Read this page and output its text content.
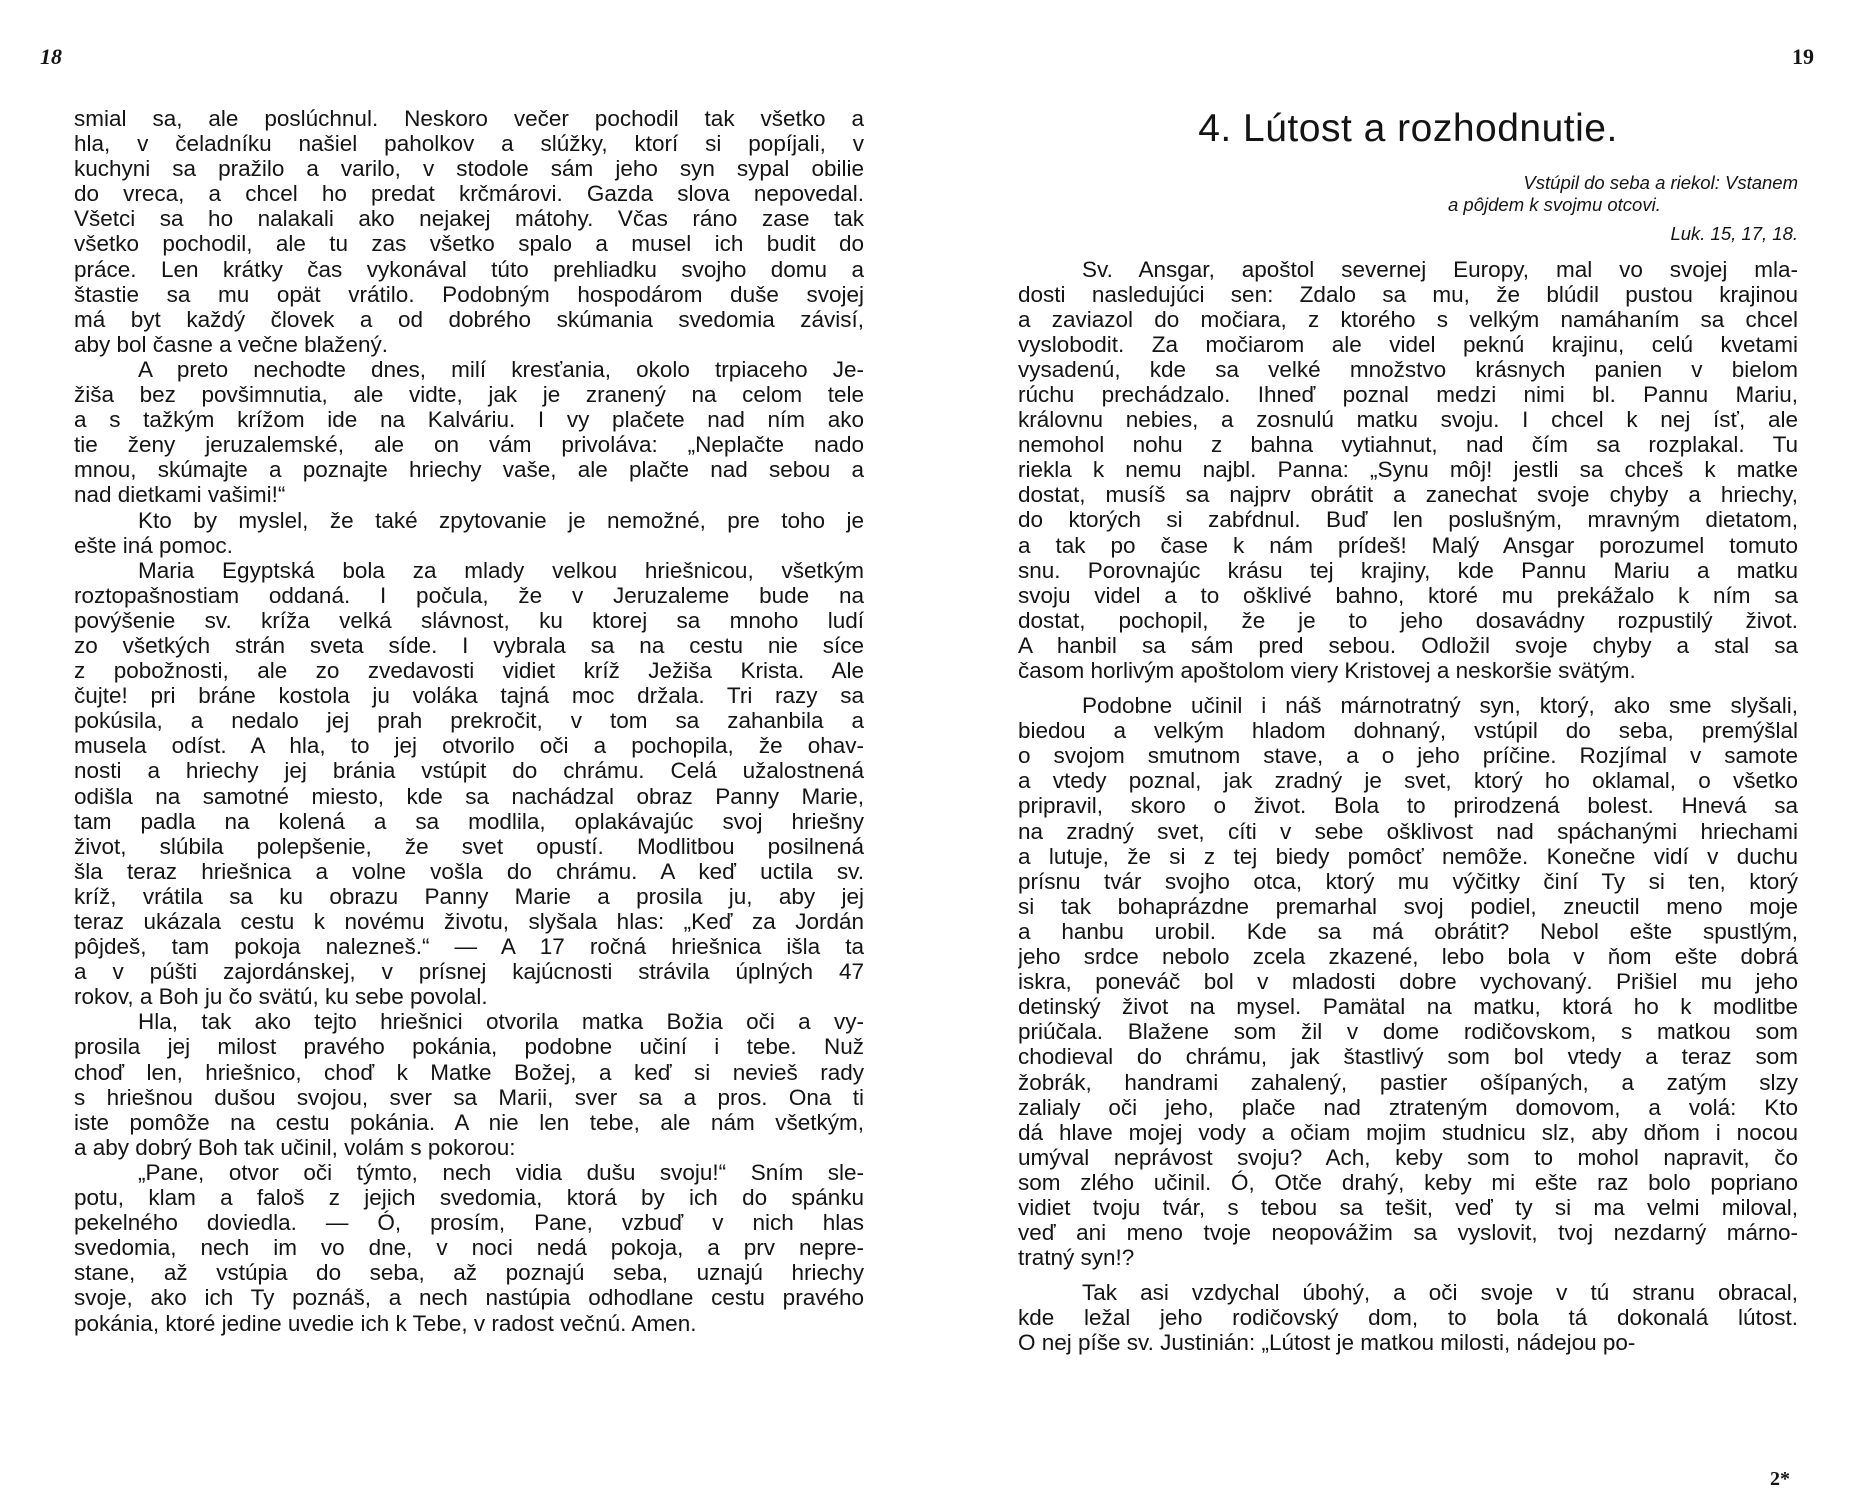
18	19

smial sa, ale poslúchnul. Neskoro večer pochodil tak všetko a

hla, v čeladníku našiel paholkov a slúžky, ktorí si popíjali, v

kuchyni sa pražilo a varilo, v stodole sám jeho syn sypal obilie

do vreca, a chcel ho predat krčmárovi. Gazda slova nepovedal.

Všetci sa ho nalakali ako nejakej mátohy. Včas ráno zase tak

všetko pochodil, ale tu zas všetko spalo a musel ich budit do

práce. Len krátky čas vykonával túto prehliadku svojho domu a

štastie sa mu opät vrátilo. Podobným hospodárom duše svojej

má byt každý človek a od dobrého skúmania svedomia závisí,

aby bol časne a večne blažený.

A preto nechodte dnes, milí kresťania, okolo trpiaceho Je-

žiša bez povšimnutia, ale vidte, jak je zranený na celom tele

a s tažkým krížom ide na Kalváriu. I vy plačete nad ním ako

tie ženy jeruzalemské, ale on vám privoláva: „Neplačte nado

mnou, skúmajte a poznajte hriechy vaše, ale plačte nad sebou a

nad dietkami vašimi!“

Kto by myslel, že také zpytovanie je nemožné, pre toho je

ešte iná pomoc.

Maria Egyptská bola za mlady velkou hriešnicou, všetkým

roztopašnostiam oddaná. I počula, že v Jeruzaleme bude na

povýšenie sv. kríža velká slávnost, ku ktorej sa mnoho ludí

zo všetkých strán sveta síde. I vybrala sa na cestu nie síce

z pobožnosti, ale zo zvedavosti vidiet kríž Ježiša Krista. Ale

čujte! pri bráne kostola ju voláka tajná moc držala. Tri razy sa

pokúsila, a nedalo jej prah prekročit, v tom sa zahanbila a

musela odíst. A hla, to jej otvorilo oči a pochopila, že ohav-

nosti a hriechy jej bránia vstúpit do chrámu. Celá užalostnená

odišla na samotné miesto, kde sa nachádzal obraz Panny Marie,

tam padla na kolená a sa modlila, oplakávajúc svoj hriešny

život, slúbila polepšenie, že svet opustí. Modlitbou posilnená

šla teraz hriešnica a volne vošla do chrámu. A keď uctila sv.

kríž, vrátila sa ku obrazu Panny Marie a prosila ju, aby jej

teraz ukázala cestu k novému životu, slyšala hlas: „Keď za Jordán

pôjdeš, tam pokoja nalezneš.“ — A 17 ročná hriešnica išla ta

a v púšti zajordánskej, v prísnej kajúcnosti strávila úplných 47

rokov, a Boh ju čo svätú, ku sebe povolal.

Hla, tak ako tejto hriešnici otvorila matka Božia oči a vy-

prosila jej milost pravého pokánia, podobne učiní i tebe. Nuž

choď len, hriešnico, choď k Matke Božej, a keď si nevieš rady

s hriešnou dušou svojou, sver sa Marii, sver sa a pros. Ona ti

iste pomôže na cestu pokánia. A nie len tebe, ale nám všetkým,

a aby dobrý Boh tak učinil, volám s pokorou:

„Pane, otvor oči týmto, nech vidia dušu svoju!“ Sním sle-

potu, klam a faloš z jejich svedomia, ktorá by ich do spánku

pekelného doviedla. — Ó, prosím, Pane, vzbuď v nich hlas

svedomia, nech im vo dne, v noci nedá pokoja, a prv nepre-

stane, až vstúpia do seba, až poznajú seba, uznajú hriechy

svoje, ako ich Ty poznáš, a nech nastúpia odhodlane cestu pravého

pokánia, ktoré jedine uvedie ich k Tebe, v radost večnú. Amen.

4. Lútost a rozhodnutie.

Vstúpil do seba a riekol: Vstanem

a pôjdem k svojmu otcovi.

Luk. 15, 17, 18.

Sv. Ansgar, apoštol severnej Europy, mal vo svojej mla-

dosti nasledujúci sen: Zdalo sa mu, že blúdil pustou krajinou

a zaviazol do močiara, z ktorého s velkým namáhaním sa chcel

vyslobodit. Za močiarom ale videl peknú krajinu, celú kvetami

vysadenú, kde sa velké množstvo krásnych panien v bielom

rúchu prechádzalo. Ihneď poznal medzi nimi bl. Pannu Mariu,

královnu nebies, a zosnulú matku svoju. I chcel k nej ísť, ale

nemohol nohu z bahna vytiahnut, nad čím sa rozplakal. Tu

riekla k nemu najbl. Panna: „Synu môj! jestli sa chceš k matke

dostat, musíš sa najprv obrátit a zanechat svoje chyby a hriechy,

do ktorých si zabŕdnul. Buď len poslušným, mravným dietatom,

a tak po čase k nám prídeš! Malý Ansgar porozumel tomuto

snu. Porovnajúc krásu tej krajiny, kde Pannu Mariu a matku

svoju videl a to ošklivé bahno, ktoré mu prekážalo k ním sa

dostat, pochopil, že je to jeho dosavádny rozpustilý život.

A hanbil sa sám pred sebou. Odložil svoje chyby a stal sa

časom horlivým apoštolom viery Kristovej a neskoršie svätým.

Podobne učinil i náš márnotratný syn, ktorý, ako sme slyšali,

biedou a velkým hladom dohnaný, vstúpil do seba, premýšlal

o svojom smutnom stave, a o jeho príčine. Rozjímal v samote

a vtedy poznal, jak zradný je svet, ktorý ho oklamal, o všetko

pripravil, skoro o život. Bola to prirodzená bolest. Hnevá sa

na zradný svet, cíti v sebe ošklivost nad spáchanými hriechami

a lutuje, že si z tej biedy pomôcť nemôže. Konečne vidí v duchu

prísnu tvár svojho otca, ktorý mu výčitky činí Ty si ten, ktorý

si tak bohaprázdne premarhal svoj podiel, zneuctil meno moje

a hanbu urobil. Kde sa má obrátit? Nebol ešte spustlým,

jeho srdce nebolo zcela zkazené, lebo bola v ňom ešte dobrá

iskra, poneváč bol v mladosti dobre vychovaný. Prišiel mu jeho

detinský život na mysel. Pamätal na matku, ktorá ho k modlitbe

priúčala. Blažene som žil v dome rodičovskom, s matkou som

chodieval do chrámu, jak štastlivý som bol vtedy a teraz som

žobrák, handrami zahalený, pastier ošípaných, a zatým slzy

zalialy oči jeho, plače nad ztrateným domovom, a volá: Kto

dá hlave mojej vody a očiam mojim studnicu slz, aby dňom i nocou

umýval neprávost svoju? Ach, keby som to mohol napravit, čo

som zlého učinil. Ó, Otče drahý, keby mi ešte raz bolo popriano

vidiet tvoju tvár, s tebou sa tešit, veď ty si ma velmi miloval,

veď ani meno tvoje neopovážim sa vyslovit, tvoj nezdarný márno-

tratný syn!?

Tak asi vzdychal úbohý, a oči svoje v tú stranu obracal,

kde ležal jeho rodičovský dom, to bola tá dokonalá lútost.

O nej píše sv. Justinián: „Lútost je matkou milosti, nádejou po-

2*
